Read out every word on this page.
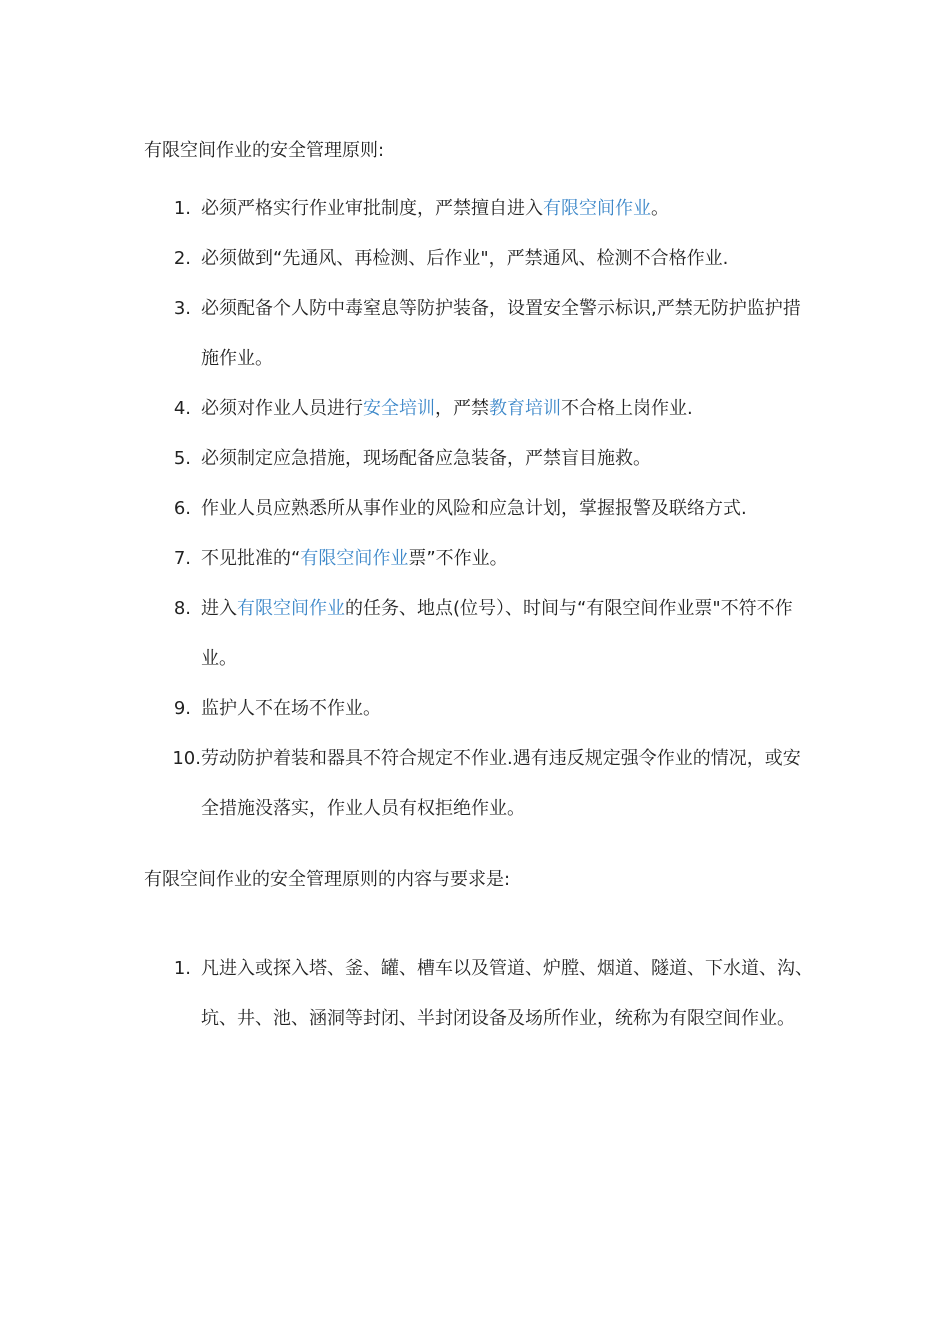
有限空间作业的安全管理原则:
1. 必须严格实行作业审批制度，严禁擅自进入有限空间作业。
2. 必须做到“先通风、再检测、后作业"，严禁通风、检测不合格作业.
3. 必须配备个人防中毒窒息等防护装备，设置安全警示标识,严禁无防护监护措施作业。
4. 必须对作业人员进行安全培训，严禁教育培训不合格上岗作业.
5. 必须制定应急措施，现场配备应急装备，严禁盲目施救。
6. 作业人员应熟悉所从事作业的风险和应急计划，掌握报警及联络方式.
7. 不见批准的“有限空间作业票”不作业。
8. 进入有限空间作业的任务、地点(位号）、时间与“有限空间作业票"不符不作业。
9. 监护人不在场不作业。
10. 劳动防护着装和器具不符合规定不作业.遇有违反规定强令作业的情况，或安全措施没落实，作业人员有权拒绝作业。
有限空间作业的安全管理原则的内容与要求是:
1. 凡进入或探入塔、釜、罐、槽车以及管道、炉膛、烟道、隧道、下水道、沟、坑、井、池、涵洞等封闭、半封闭设备及场所作业，统称为有限空间作业。
